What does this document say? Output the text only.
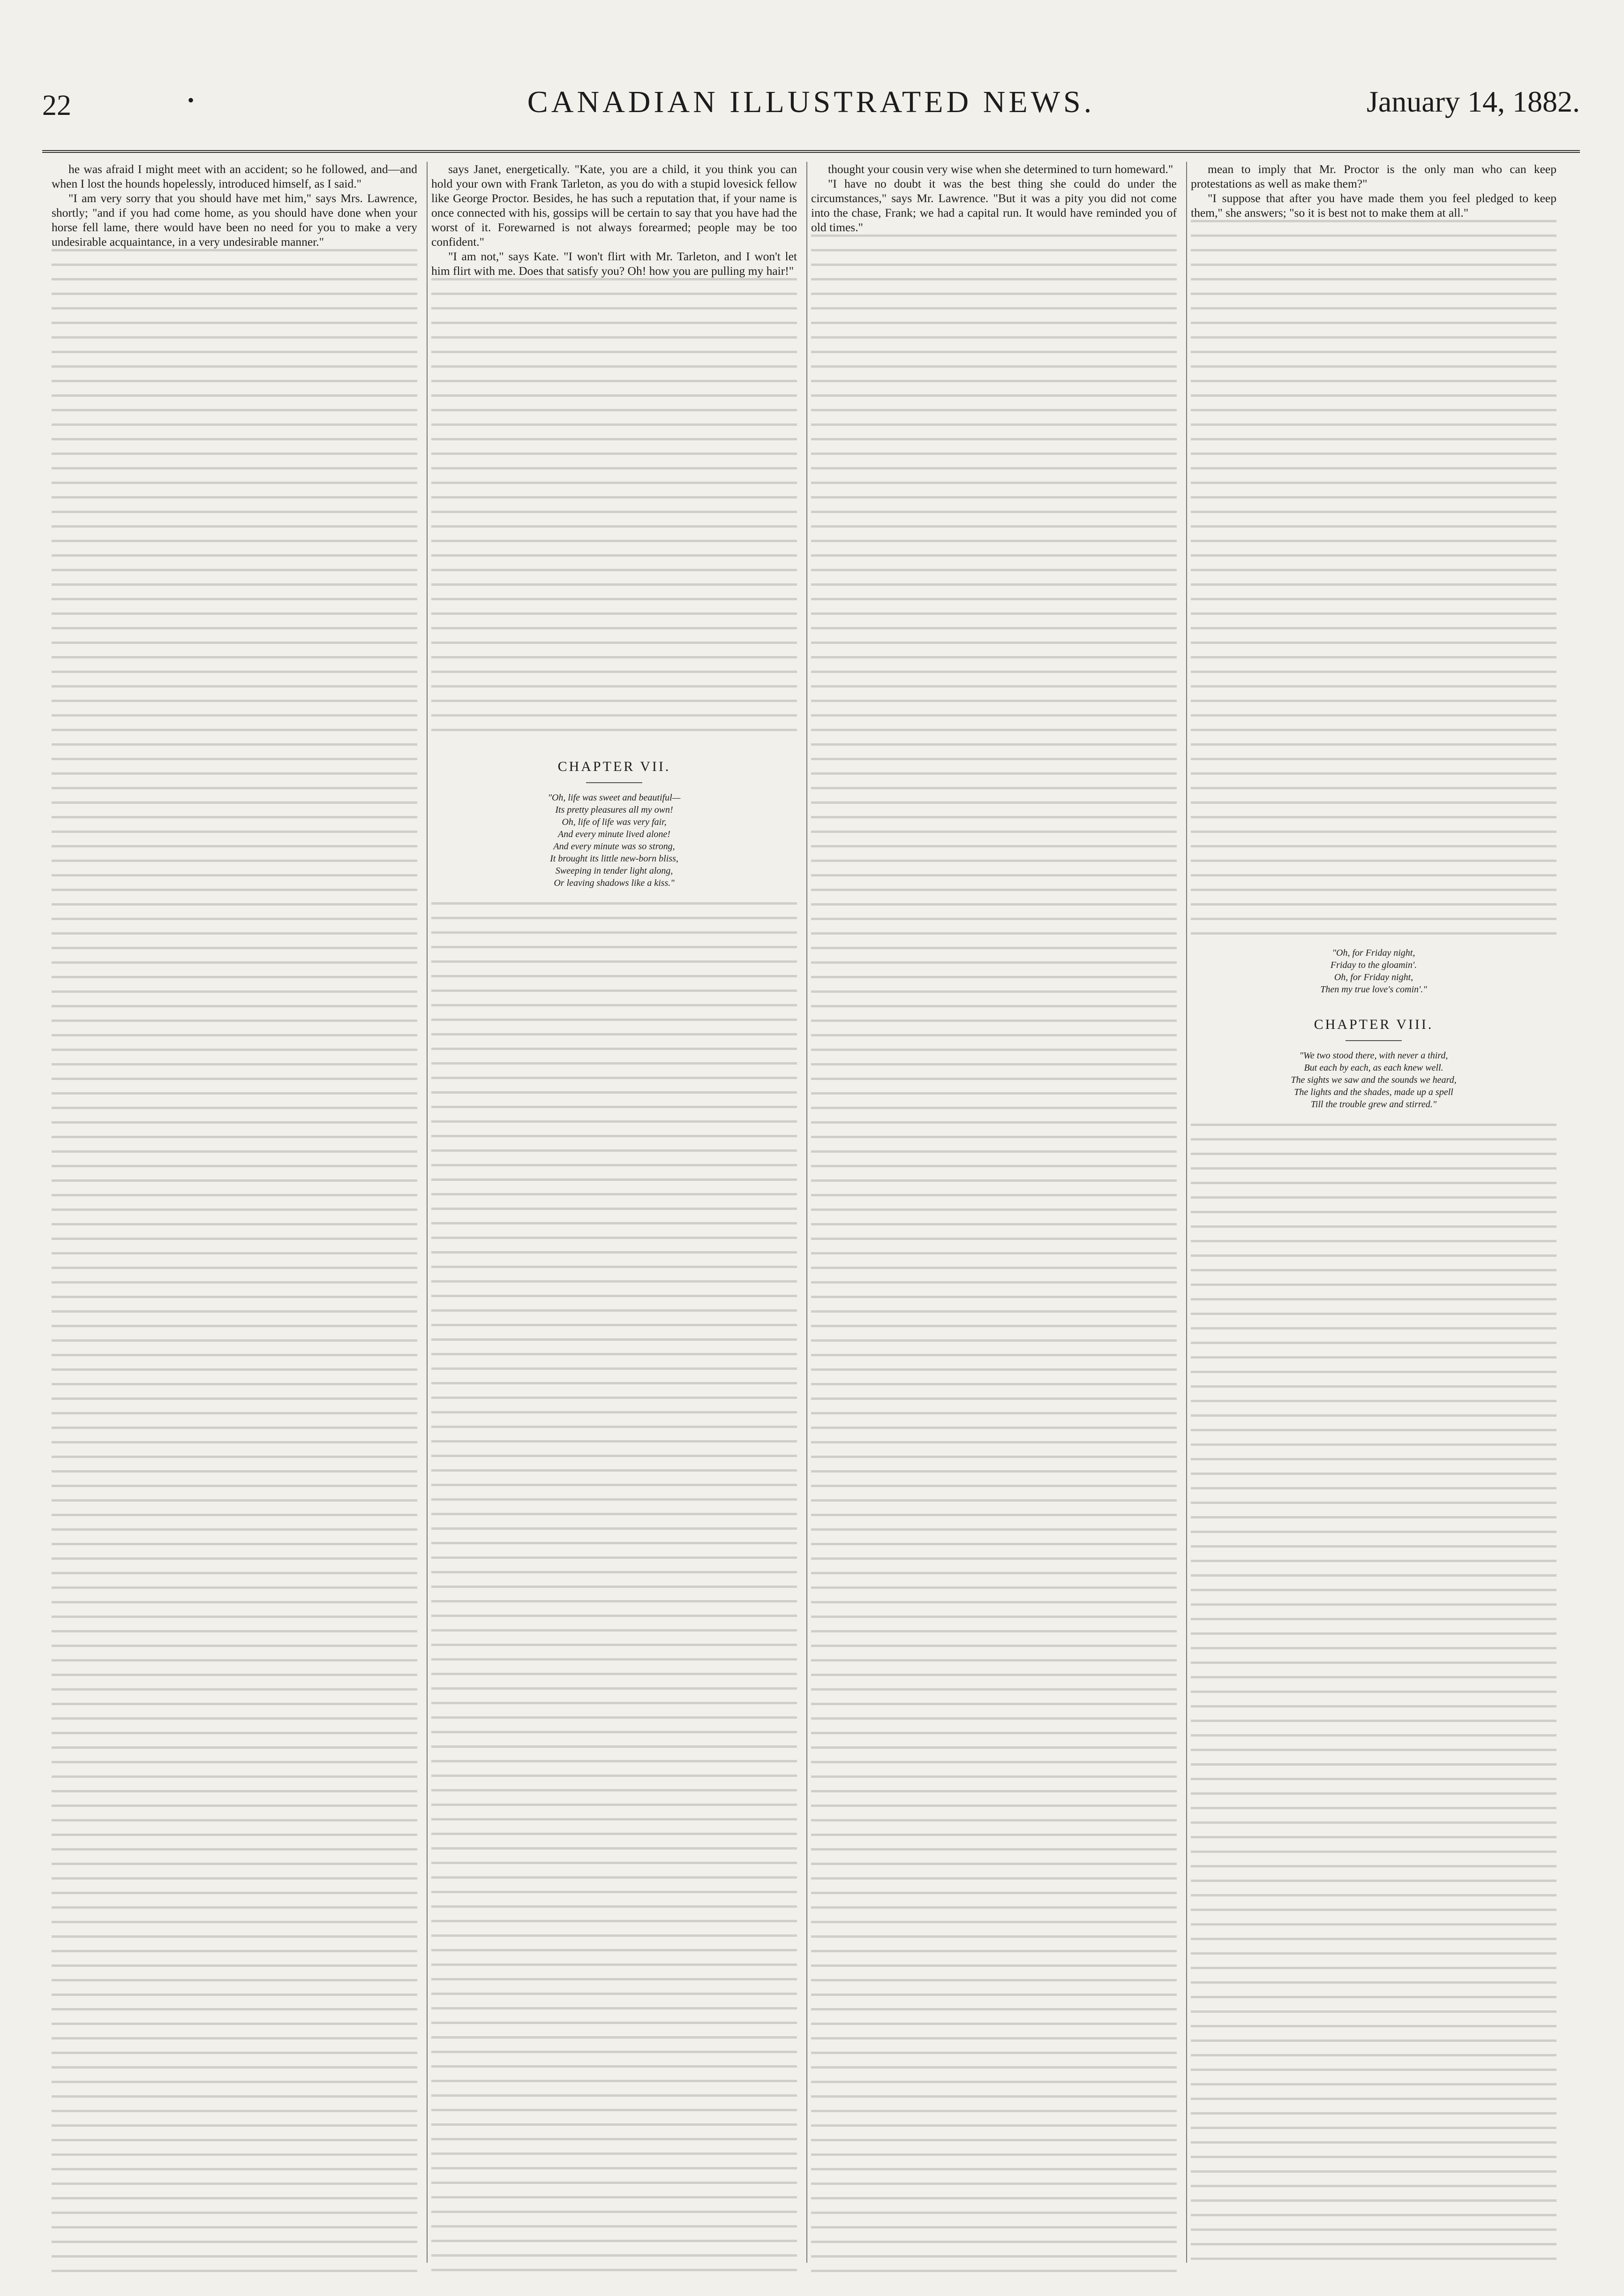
22	•	CANADIAN ILLUSTRATED NEWS.	January 14, 1882.

he was afraid I might meet with an accident; so he followed, and—and when I lost the hounds hopelessly, introduced himself, as I said."

"I am very sorry that you should have met him," says Mrs. Lawrence, shortly; "and if you had come home, as you should have done when your horse fell lame, there would have been no need for you to make a very undesirable acquaintance, in a very undesirable manner."

says Janet, energetically. "Kate, you are a child, it you think you can hold your own with Frank Tarleton, as you do with a stupid lovesick fellow like George Proctor. Besides, he has such a reputation that, if your name is once connected with his, gossips will be certain to say that you have had the worst of it. Forewarned is not always forearmed; people may be too confident."

"I am not," says Kate. "I won't flirt with Mr. Tarleton, and I won't let him flirt with me. Does that satisfy you? Oh! how you are pulling my hair!"

CHAPTER VII.
"Oh, life was sweet and beautiful—
Its pretty pleasures all my own!
Oh, life of life was very fair,
And every minute lived alone!
And every minute was so strong,
It brought its little new-born bliss,
Sweeping in tender light along,
Or leaving shadows like a kiss."

thought your cousin very wise when she determined to turn homeward."

"I have no doubt it was the best thing she could do under the circumstances," says Mr. Lawrence. "But it was a pity you did not come into the chase, Frank; we had a capital run. It would have reminded you of old times."

mean to imply that Mr. Proctor is the only man who can keep protestations as well as make them?"

"I suppose that after you have made them you feel pledged to keep them," she answers; "so it is best not to make them at all."

"Oh, for Friday night,
Friday to the gloamin'.
Oh, for Friday night,
Then my true love's comin'."
CHAPTER VIII.
"We two stood there, with never a third,
But each by each, as each knew well.
The sights we saw and the sounds we heard,
The lights and the shades, made up a spell
Till the trouble grew and stirred."
